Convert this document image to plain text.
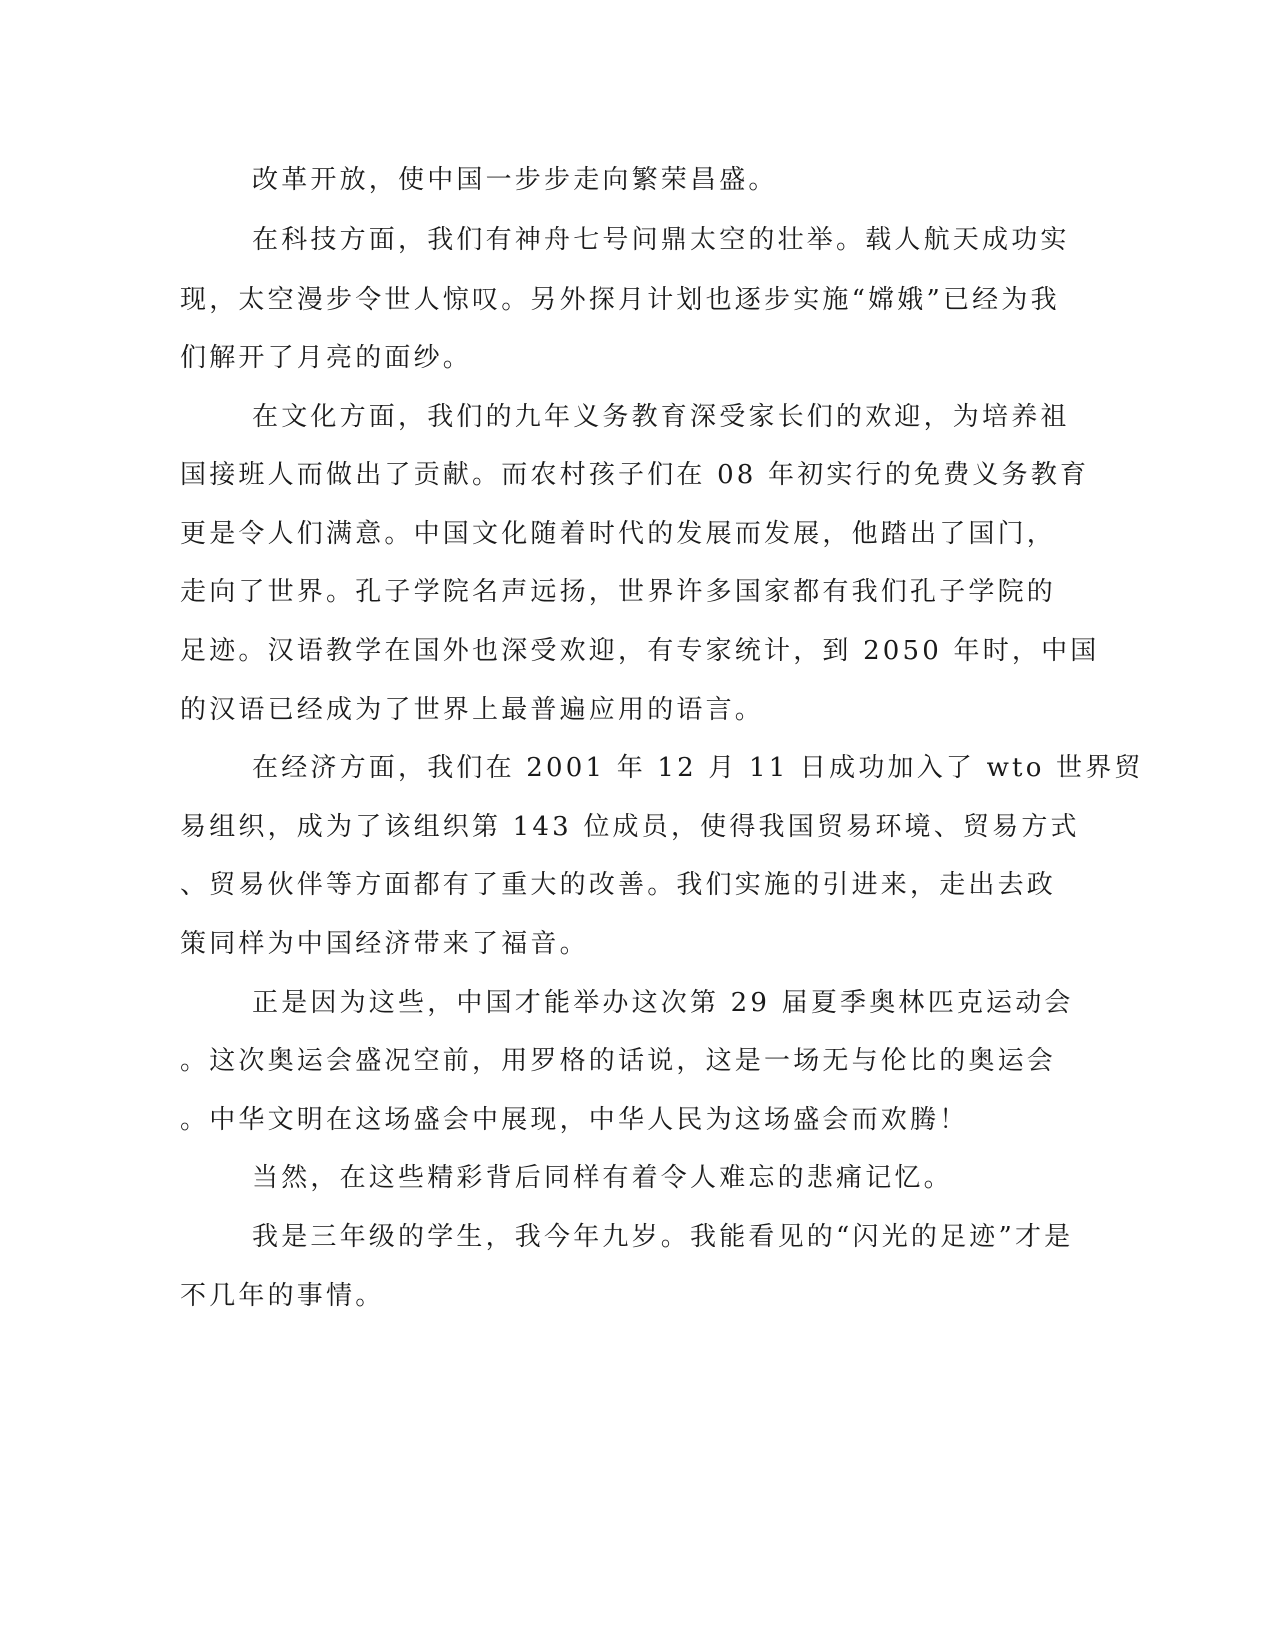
改革开放，使中国一步步走向繁荣昌盛。

在科技方面，我们有神舟七号问鼎太空的壮举。载人航天成功实

现，太空漫步令世人惊叹。另外探月计划也逐步实施“嫦娥”已经为我

们解开了月亮的面纱。

在文化方面，我们的九年义务教育深受家长们的欢迎，为培养祖

国接班人而做出了贡献。而农村孩子们在 08 年初实行的免费义务教育

更是令人们满意。中国文化随着时代的发展而发展，他踏出了国门，

走向了世界。孔子学院名声远扬，世界许多国家都有我们孔子学院的

足迹。汉语教学在国外也深受欢迎，有专家统计，到 2050 年时，中国

的汉语已经成为了世界上最普遍应用的语言。

在经济方面，我们在 2001 年 12 月 11 日成功加入了 wto 世界贸

易组织，成为了该组织第 143 位成员，使得我国贸易环境、贸易方式

、贸易伙伴等方面都有了重大的改善。我们实施的引进来，走出去政

策同样为中国经济带来了福音。

正是因为这些，中国才能举办这次第 29 届夏季奥林匹克运动会

。这次奥运会盛况空前，用罗格的话说，这是一场无与伦比的奥运会

。中华文明在这场盛会中展现，中华人民为这场盛会而欢腾！

当然，在这些精彩背后同样有着令人难忘的悲痛记忆。

我是三年级的学生，我今年九岁。我能看见的“闪光的足迹”才是

不几年的事情。
